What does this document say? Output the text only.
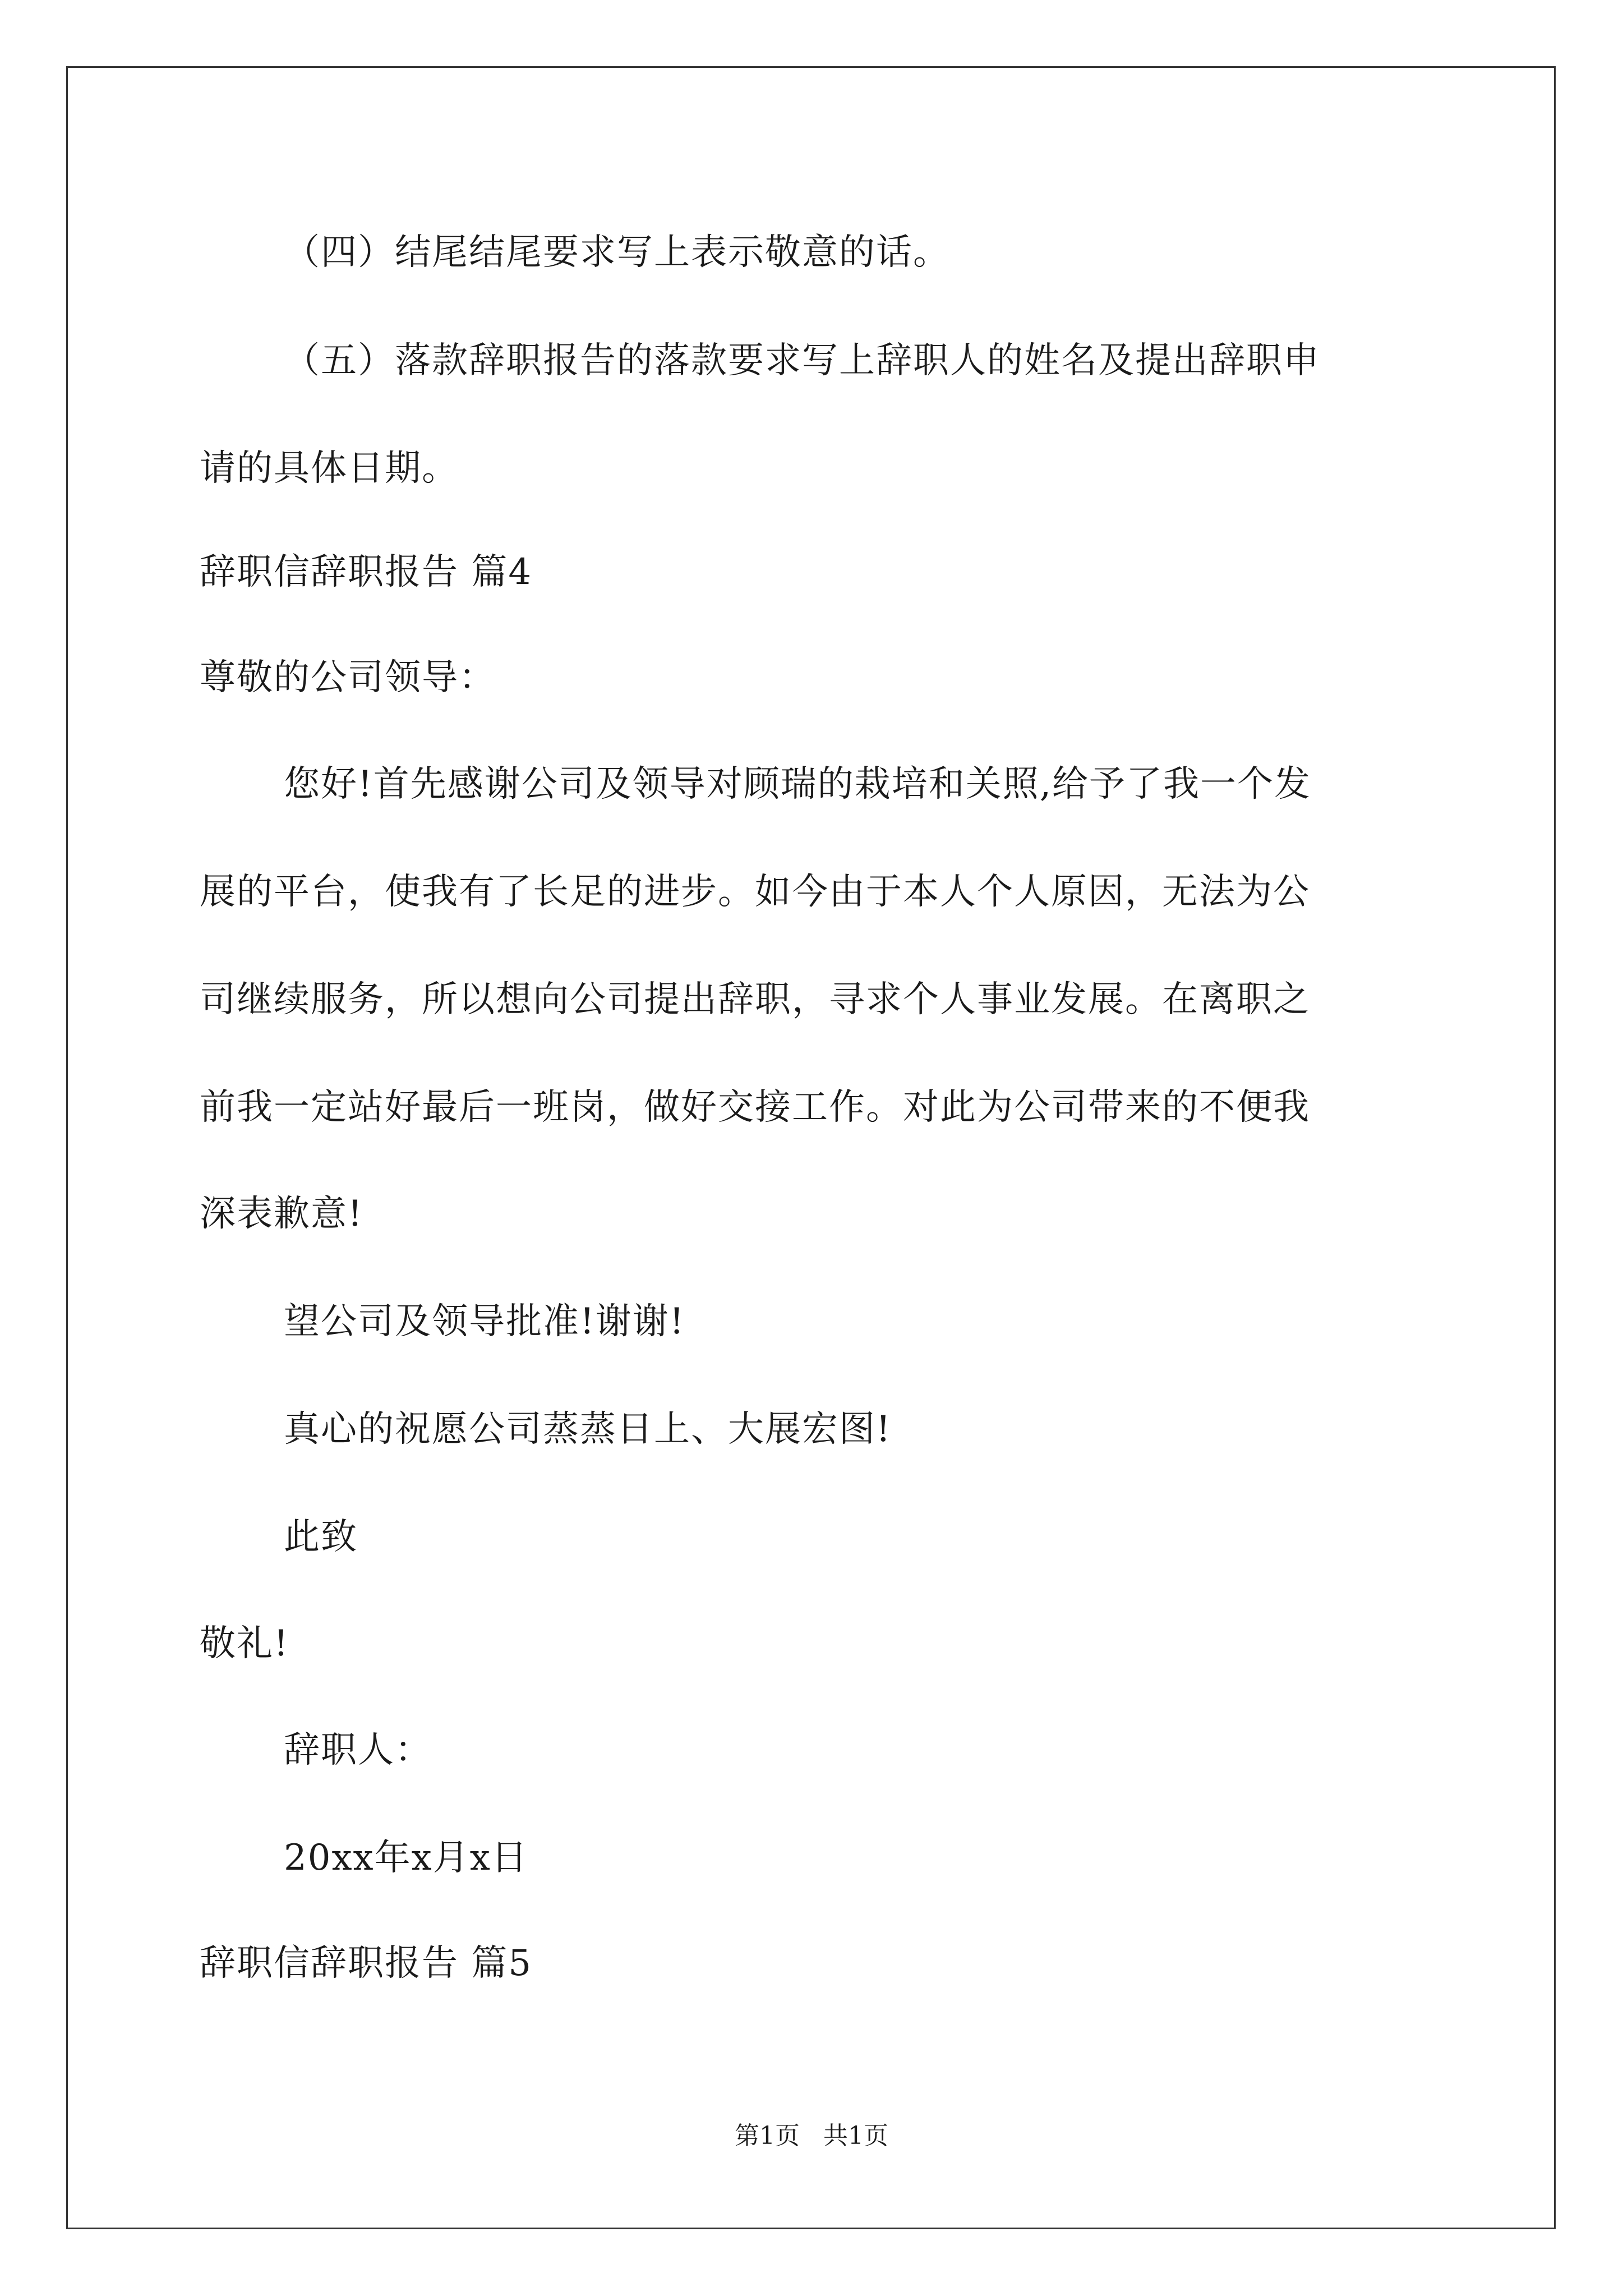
（四）结尾结尾要求写上表示敬意的话。
（五）落款辞职报告的落款要求写上辞职人的姓名及提出辞职申
请的具体日期。
辞职信辞职报告 篇4
尊敬的公司领导：
您好!首先感谢公司及领导对顾瑞的栽培和关照,给予了我一个发
展的平台，使我有了长足的进步。如今由于本人个人原因，无法为公
司继续服务，所以想向公司提出辞职，寻求个人事业发展。在离职之
前我一定站好最后一班岗，做好交接工作。对此为公司带来的不便我
深表歉意!
望公司及领导批准!谢谢!
真心的祝愿公司蒸蒸日上、大展宏图!
此致
敬礼!
辞职人：
20xx年x月x日
辞职信辞职报告 篇5
第1页   共1页
